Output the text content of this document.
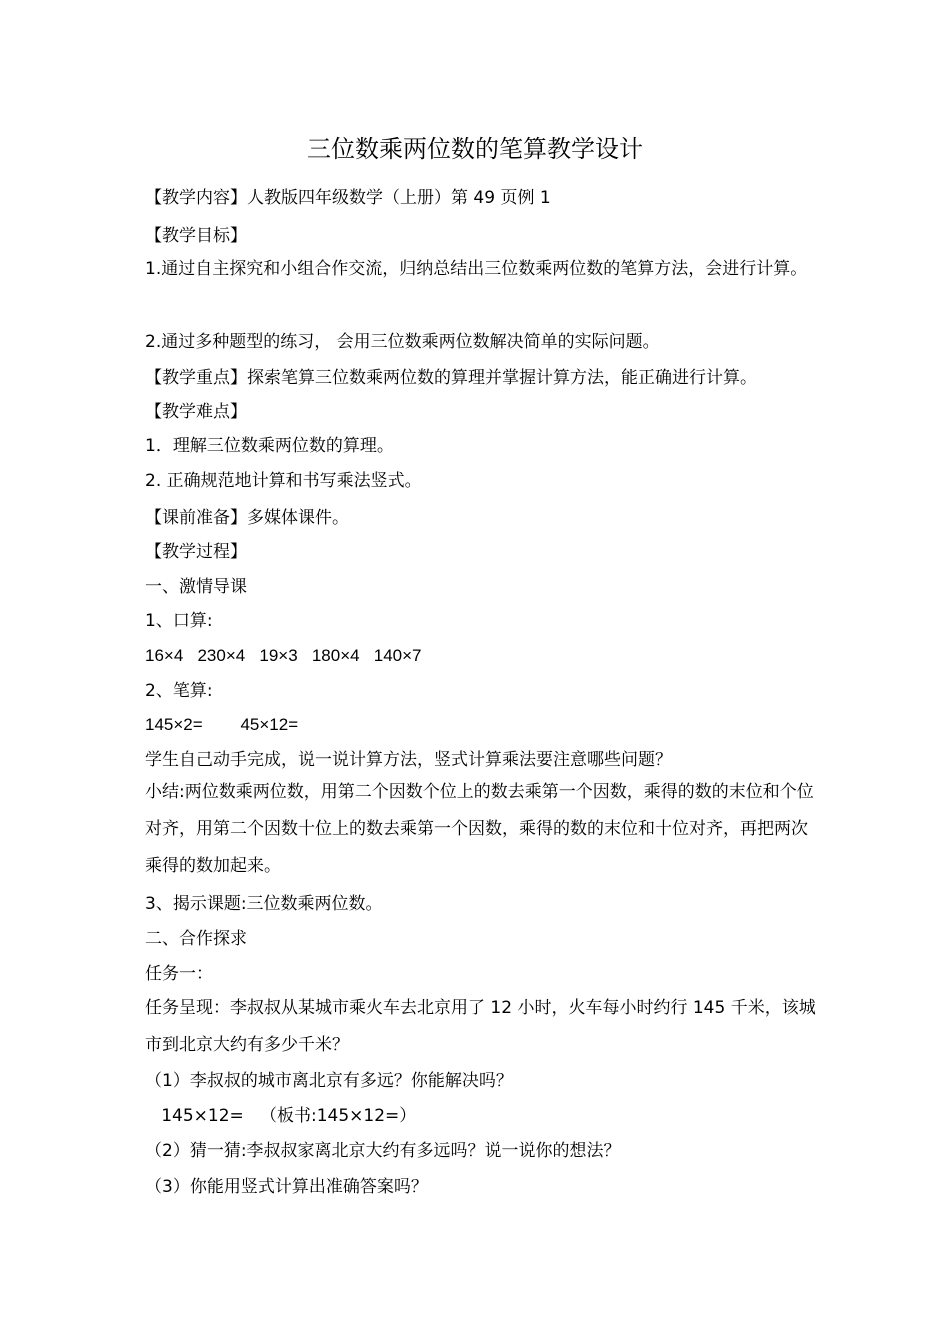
三位数乘两位数的笔算教学设计
【教学内容】人教版四年级数学（上册）第 49 页例 1
【教学目标】
1.通过自主探究和小组合作交流，归纳总结出三位数乘两位数的笔算方法，会进行计算。
2.通过多种题型的练习， 会用三位数乘两位数解决简单的实际问题。
【教学重点】探索笔算三位数乘两位数的算理并掌握计算方法，能正确进行计算。
【教学难点】
1．理解三位数乘两位数的算理。
2. 正确规范地计算和书写乘法竖式。
【课前准备】多媒体课件。
【教学过程】
一、激情导课
1、口算:
16×4   230×4   19×3   180×4   140×7
2、笔算:
145×2=        45×12=
学生自己动手完成，说一说计算方法，竖式计算乘法要注意哪些问题？
小结:两位数乘两位数，用第二个因数个位上的数去乘第一个因数，乘得的数的末位和个位对齐，用第二个因数十位上的数去乘第一个因数，乘得的数的末位和十位对齐，再把两次乘得的数加起来。
3、揭示课题:三位数乘两位数。
二、合作探求
任务一：
任务呈现：李叔叔从某城市乘火车去北京用了 12 小时，火车每小时约行 145 千米，该城市到北京大约有多少千米？
（1）李叔叔的城市离北京有多远？你能解决吗？
145×12=   （板书:145×12=）
（2）猜一猜:李叔叔家离北京大约有多远吗？说一说你的想法？
（3）你能用竖式计算出准确答案吗？
